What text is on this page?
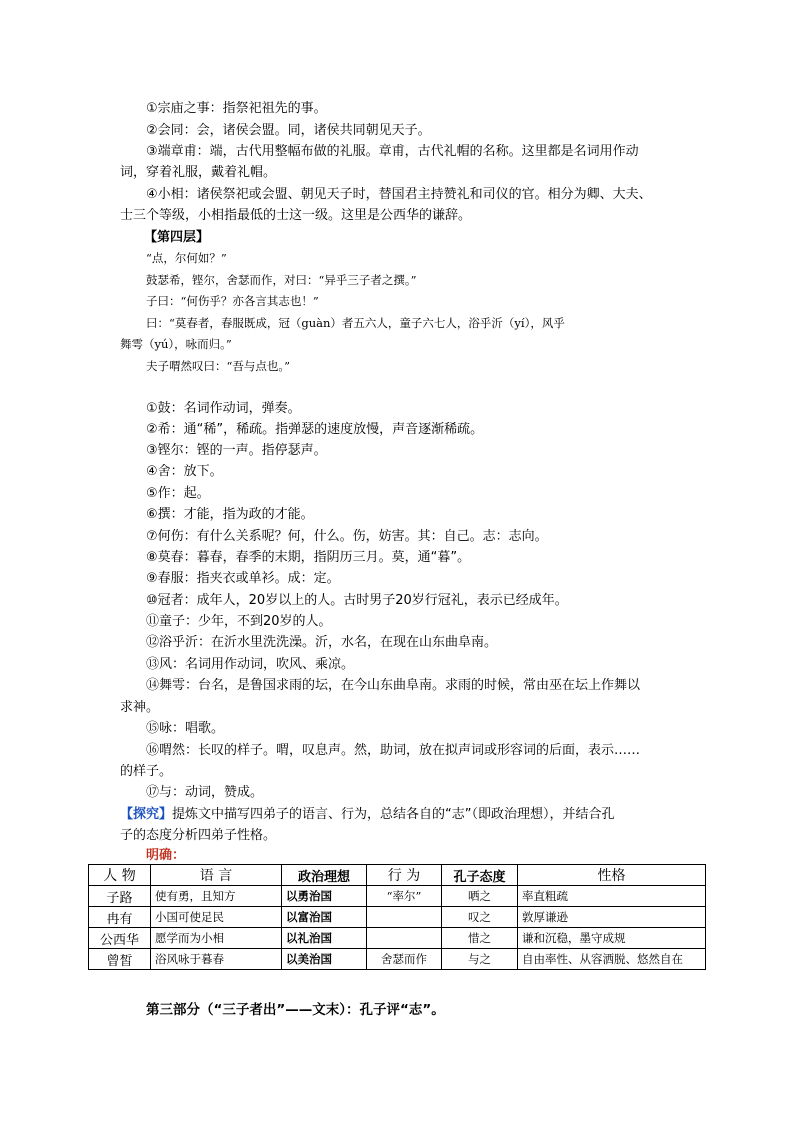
①宗庙之事：指祭祀祖先的事。
②会同：会，诸侯会盟。同，诸侯共同朝见天子。
③端章甫：端，古代用整幅布做的礼服。章甫，古代礼帽的名称。这里都是名词用作动
词，穿着礼服，戴着礼帽。
④小相：诸侯祭祀或会盟、朝见天子时，替国君主持赞礼和司仪的官。相分为卿、大夫、
士三个等级，小相指最低的士这一级。这里是公西华的谦辞。
【第四层】
“点，尔何如？”
鼓瑟希，铿尔，舍瑟而作，对曰：“异乎三子者之撰。”
子曰：“何伤乎？亦各言其志也！”
曰：“莫春者，春服既成，冠（guàn）者五六人，童子六七人，浴乎沂（yí），风乎
舞雩（yú），咏而归。”
夫子喟然叹曰：“吾与点也。”
①鼓：名词作动词，弹奏。
②希：通“稀”，稀疏。指弹瑟的速度放慢，声音逐渐稀疏。
③铿尔：铿的一声。指停瑟声。
④舍：放下。
⑤作：起。
⑥撰：才能，指为政的才能。
⑦何伤：有什么关系呢？何，什么。伤，妨害。其：自己。志：志向。
⑧莫春：暮春，春季的末期，指阴历三月。莫，通“暮”。
⑨春服：指夹衣或单衫。成：定。
⑩冠者：成年人，20岁以上的人。古时男子20岁行冠礼，表示已经成年。
⑪童子：少年，不到20岁的人。
⑫浴乎沂：在沂水里洗洗澡。沂，水名，在现在山东曲阜南。
⑬风：名词用作动词，吹风、乘凉。
⑭舞雩：台名，是鲁国求雨的坛，在今山东曲阜南。求雨的时候，常由巫在坛上作舞以
求神。
⑮咏：唱歌。
⑯喟然：长叹的样子。喟，叹息声。然，助词，放在拟声词或形容词的后面，表示……
的样子。
⑰与：动词，赞成。
【探究】提炼文中描写四弟子的语言、行为，总结各自的“志”（即政治理想），并结合孔
子的态度分析四弟子性格。
明确：
人 物	语 言	政治理想	行 为	孔子态度	性格
子路	使有勇，且知方	以勇治国	“率尔”	哂之	率直粗疏
冉有	小国可使足民	以富治国		叹之	敦厚谦逊
公西华	愿学而为小相	以礼治国		惜之	谦和沉稳，墨守成规
曾皙	浴风咏于暮春	以美治国	舍瑟而作	与之	自由率性、从容洒脱、悠然自在
第三部分（“三子者出”——文末）：孔子评“志”。
